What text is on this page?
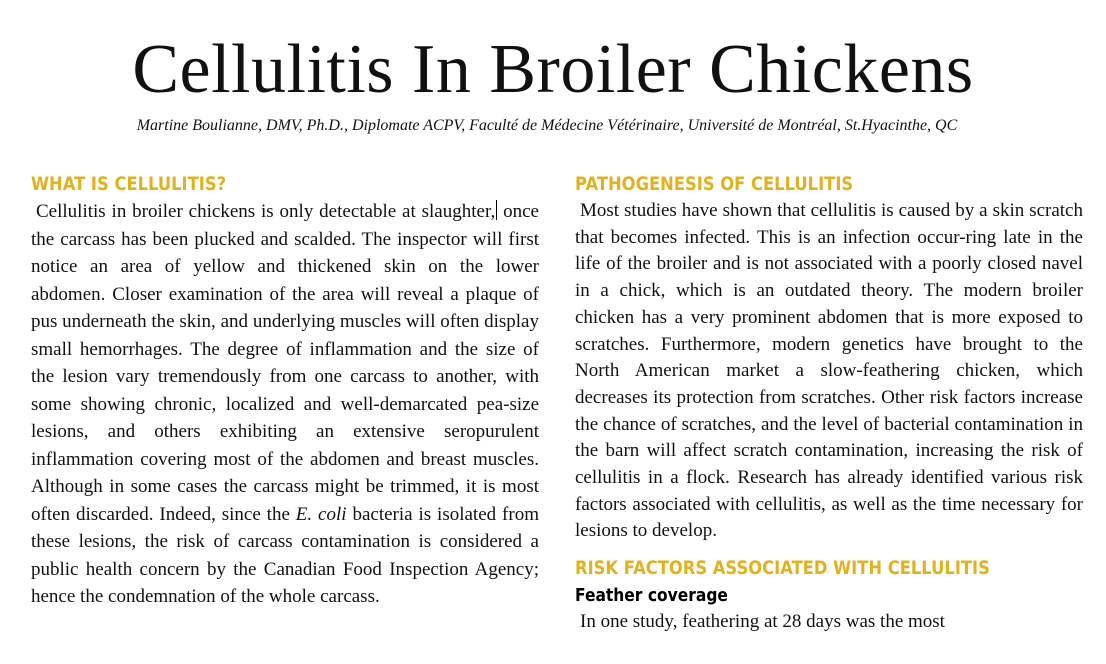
Cellulitis In Broiler Chickens

Martine Boulianne, DMV, Ph.D., Diplomate ACPV, Faculté de Médecine Vétérinaire, Université de Montréal, St.Hyacinthe, QC

WHAT IS CELLULITIS?

Cellulitis in broiler chickens is only detectable at slaughter, once the carcass has been plucked and scalded. The inspector will first notice an area of yellow and thickened skin on the lower abdomen. Closer examination of the area will reveal a plaque of pus underneath the skin, and underlying muscles will often display small hemorrhages. The degree of inflammation and the size of the lesion vary tremendously from one carcass to another, with some showing chronic, localized and well-demarcated pea-size lesions, and others exhibiting an extensive seropurulent inflammation covering most of the abdomen and breast muscles. Although in some cases the carcass might be trimmed, it is most often discarded. Indeed, since the E. coli bacteria is isolated from these lesions, the risk of carcass contamination is considered a public health concern by the Canadian Food Inspection Agency; hence the condemnation of the whole carcass.

PATHOGENESIS OF CELLULITIS

Most studies have shown that cellulitis is caused by a skin scratch that becomes infected. This is an infection occur-ring late in the life of the broiler and is not associated with a poorly closed navel in a chick, which is an outdated theory. The modern broiler chicken has a very prominent abdomen that is more exposed to scratches. Furthermore, modern genetics have brought to the North American market a slow-feathering chicken, which decreases its protection from scratches. Other risk factors increase the chance of scratches, and the level of bacterial contamination in the barn will affect scratch contamination, increasing the risk of cellulitis in a flock. Research has already identified various risk factors associated with cellulitis, as well as the time necessary for lesions to develop.

RISK FACTORS ASSOCIATED WITH CELLULITIS
Feather coverage

In one study, feathering at 28 days was the most
